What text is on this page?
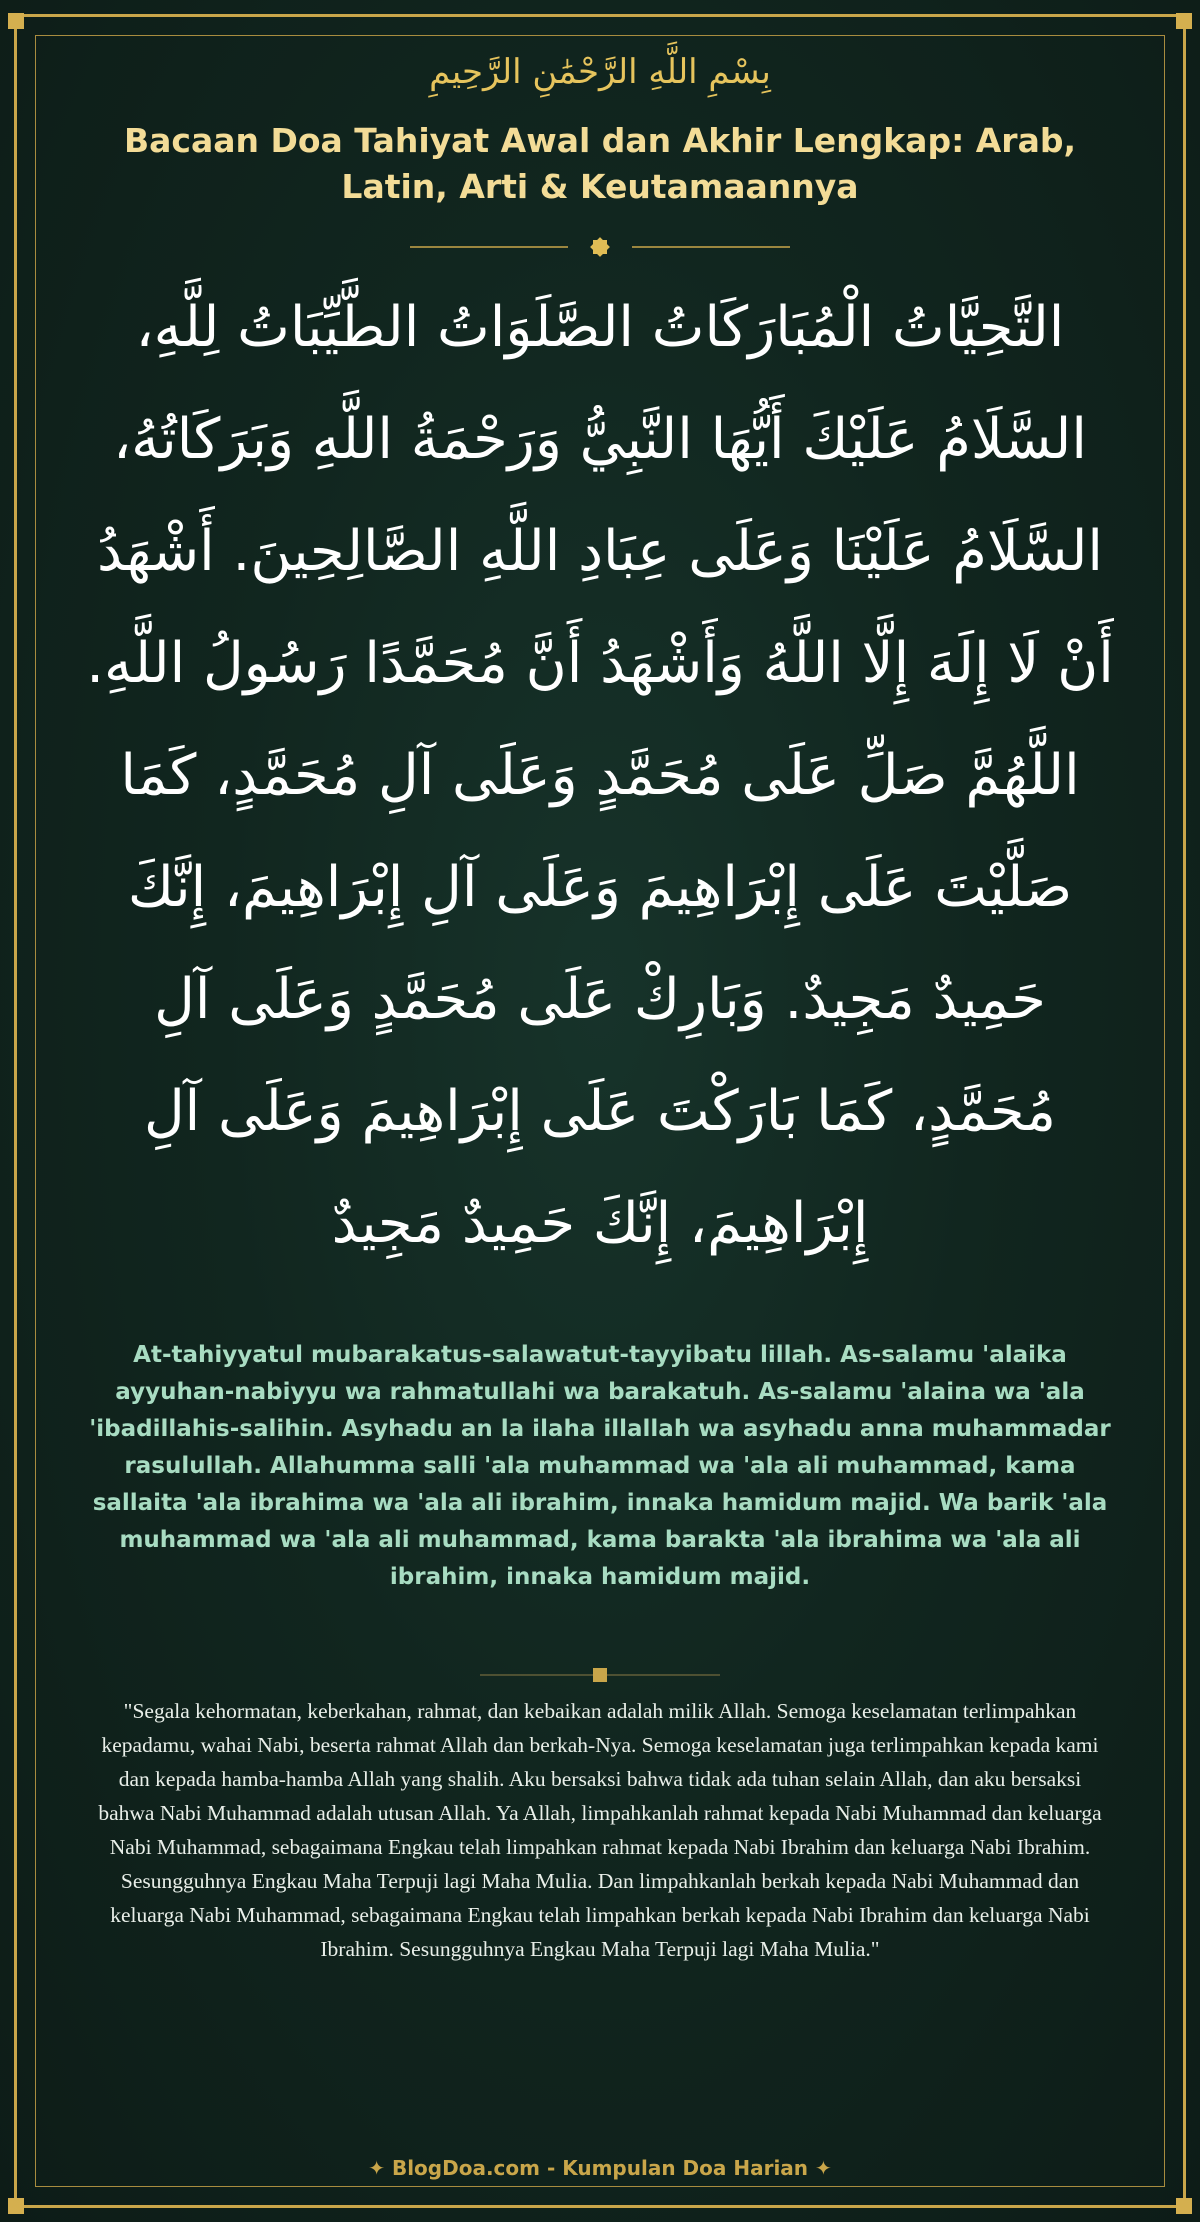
بِسْمِ اللَّهِ الرَّحْمَٰنِ الرَّحِيمِ
Bacaan Doa Tahiyat Awal dan Akhir Lengkap: Arab, Latin, Arti & Keutamaannya
التَّحِيَّاتُ الْمُبَارَكَاتُ الصَّلَوَاتُ الطَّيِّبَاتُ لِلَّهِ، السَّلَامُ عَلَيْكَ أَيُّهَا النَّبِيُّ وَرَحْمَةُ اللَّهِ وَبَرَكَاتُهُ، السَّلَامُ عَلَيْنَا وَعَلَى عِبَادِ اللَّهِ الصَّالِحِينَ. أَشْهَدُ أَنْ لَا إِلَهَ إِلَّا اللَّهُ وَأَشْهَدُ أَنَّ مُحَمَّدًا رَسُولُ اللَّهِ. اللَّهُمَّ صَلِّ عَلَى مُحَمَّدٍ وَعَلَى آلِ مُحَمَّدٍ، كَمَا صَلَّيْتَ عَلَى إِبْرَاهِيمَ وَعَلَى آلِ إِبْرَاهِيمَ، إِنَّكَ حَمِيدٌ مَجِيدٌ. وَبَارِكْ عَلَى مُحَمَّدٍ وَعَلَى آلِ مُحَمَّدٍ، كَمَا بَارَكْتَ عَلَى إِبْرَاهِيمَ وَعَلَى آلِ إِبْرَاهِيمَ، إِنَّكَ حَمِيدٌ مَجِيدٌ
At-tahiyyatul mubarakatus-salawatut-tayyibatu lillah. As-salamu 'alaika ayyuhan-nabiyyu wa rahmatullahi wa barakatuh. As-salamu 'alaina wa 'ala 'ibadillahis-salihin. Asyhadu an la ilaha illallah wa asyhadu anna muhammadar rasulullah. Allahumma salli 'ala muhammad wa 'ala ali muhammad, kama sallaita 'ala ibrahima wa 'ala ali ibrahim, innaka hamidum majid. Wa barik 'ala muhammad wa 'ala ali muhammad, kama barakta 'ala ibrahima wa 'ala ali ibrahim, innaka hamidum majid.
"Segala kehormatan, keberkahan, rahmat, dan kebaikan adalah milik Allah. Semoga keselamatan terlimpahkan kepadamu, wahai Nabi, beserta rahmat Allah dan berkah-Nya. Semoga keselamatan juga terlimpahkan kepada kami dan kepada hamba-hamba Allah yang shalih. Aku bersaksi bahwa tidak ada tuhan selain Allah, dan aku bersaksi bahwa Nabi Muhammad adalah utusan Allah. Ya Allah, limpahkanlah rahmat kepada Nabi Muhammad dan keluarga Nabi Muhammad, sebagaimana Engkau telah limpahkan rahmat kepada Nabi Ibrahim dan keluarga Nabi Ibrahim. Sesungguhnya Engkau Maha Terpuji lagi Maha Mulia. Dan limpahkanlah berkah kepada Nabi Muhammad dan keluarga Nabi Muhammad, sebagaimana Engkau telah limpahkan berkah kepada Nabi Ibrahim dan keluarga Nabi Ibrahim. Sesungguhnya Engkau Maha Terpuji lagi Maha Mulia."
✦ BlogDoa.com - Kumpulan Doa Harian ✦
